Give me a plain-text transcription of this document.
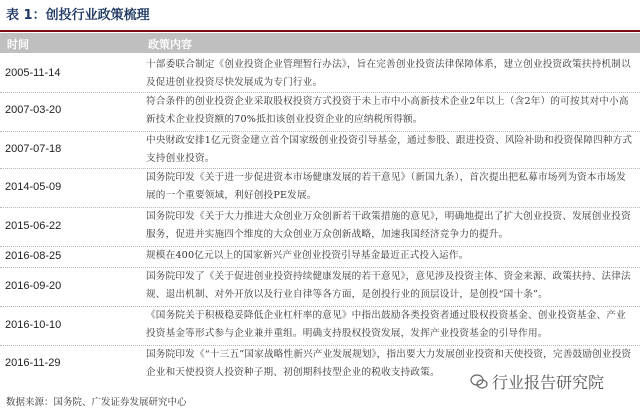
表 1：创投行业政策梳理
时间	政策内容
2005-11-14
十部委联合制定《创业投资企业管理暂行办法》，旨在完善创业投资法律保障体系，建立创业投资政策扶持机制以及促进创业投资尽快发展成为专门行业。
2007-03-20
符合条件的创业投资企业采取股权投资方式投资于未上市中小高新技术企业2年以上（含2年）的可按其对中小高新技术企业投资额的70%抵扣该创业投资企业的应纳税所得额。
2007-07-18
中央财政安排1亿元资金建立首个国家级创业投资引导基金，通过参股、跟进投资、风险补助和投资保障四种方式支持创业投资。
2014-05-09
国务院印发《关于进一步促进资本市场健康发展的若干意见》（新国九条），首次提出把私募市场列为资本市场发展的一个重要领域，利好创投PE发展。
2015-06-22
国务院印发《关于大力推进大众创业万众创新若干政策措施的意见》，明确地提出了扩大创业投资、发展创业投资服务，促进并实施四个维度的大众创业万众创新战略，加速我国经济竞争力的提升。
2016-08-25	规模在400亿元以上的国家新兴产业创业投资引导基金最近正式投入运作。
2016-09-20
国务院印发了《关于促进创业投资持续健康发展的若干意见》，意见涉及投资主体、资金来源、政策扶持、法律法规、退出机制、对外开放以及行业自律等各方面，是创投行业的顶层设计，是创投“国十条”。
2016-10-10
《国务院关于积极稳妥降低企业杠杆率的意见》中指出鼓励各类投资者通过股权投资基金、创业投资基金、产业投资基金等形式参与企业兼并重组。明确支持股权投资发展，发挥产业投资基金的引导作用。
2016-11-29
国务院印发《“十三五”国家战略性新兴产业发展规划》，指出要大力发展创业投资和天使投资，完善鼓励创业投资企业和天使投资人投资种子期、初创期科技型企业的税收支持政策。
数据来源：国务院、广发证券发展研究中心
行业报告研究院
